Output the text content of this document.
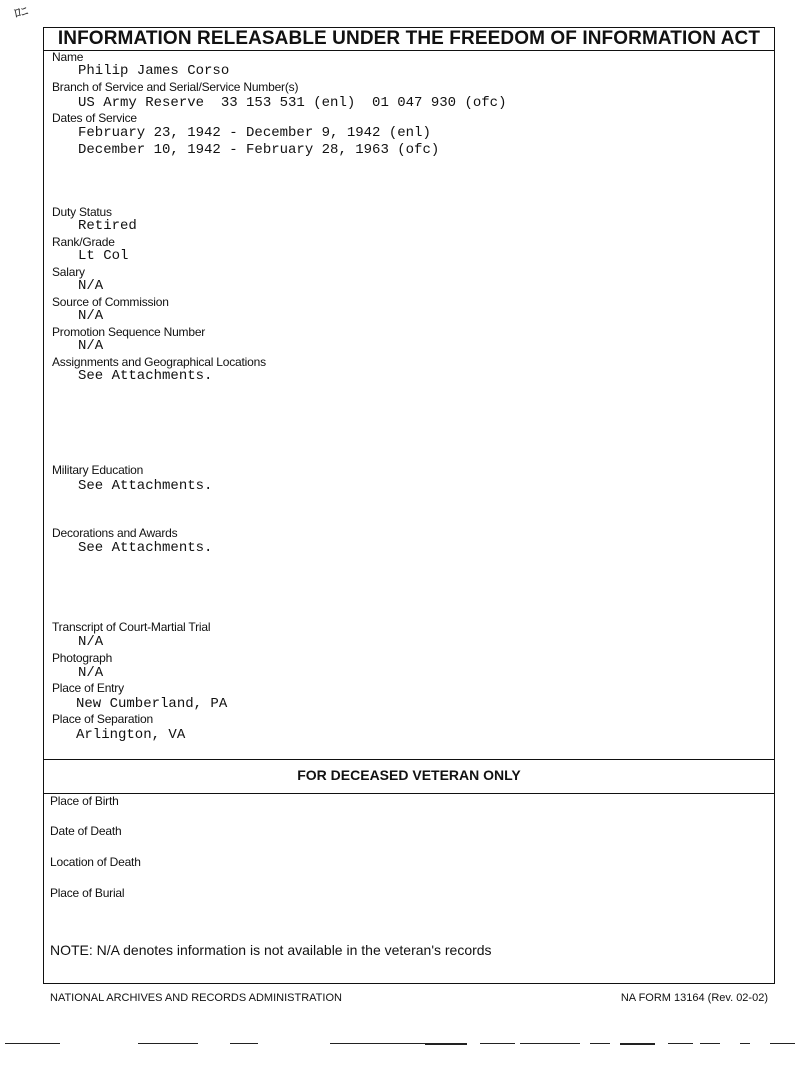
ﾛﾆ
INFORMATION RELEASABLE UNDER THE FREEDOM OF INFORMATION ACT
Name
Philip James Corso
Branch of Service and Serial/Service Number(s)
US Army Reserve  33 153 531 (enl)  01 047 930 (ofc)
Dates of Service
February 23, 1942 - December 9, 1942 (enl)
December 10, 1942 - February 28, 1963 (ofc)
Duty Status
Retired
Rank/Grade
Lt Col
Salary
N/A
Source of Commission
N/A
Promotion Sequence Number
N/A
Assignments and Geographical Locations
See Attachments.
Military Education
See Attachments.
Decorations and Awards
See Attachments.
Transcript of Court-Martial Trial
N/A
Photograph
N/A
Place of Entry
New Cumberland, PA
Place of Separation
Arlington, VA
FOR DECEASED VETERAN ONLY
Place of Birth
Date of Death
Location of Death
Place of Burial
NOTE: N/A denotes information is not available in the veteran's records
NATIONAL ARCHIVES AND RECORDS ADMINISTRATION	NA FORM 13164 (Rev. 02-02)
